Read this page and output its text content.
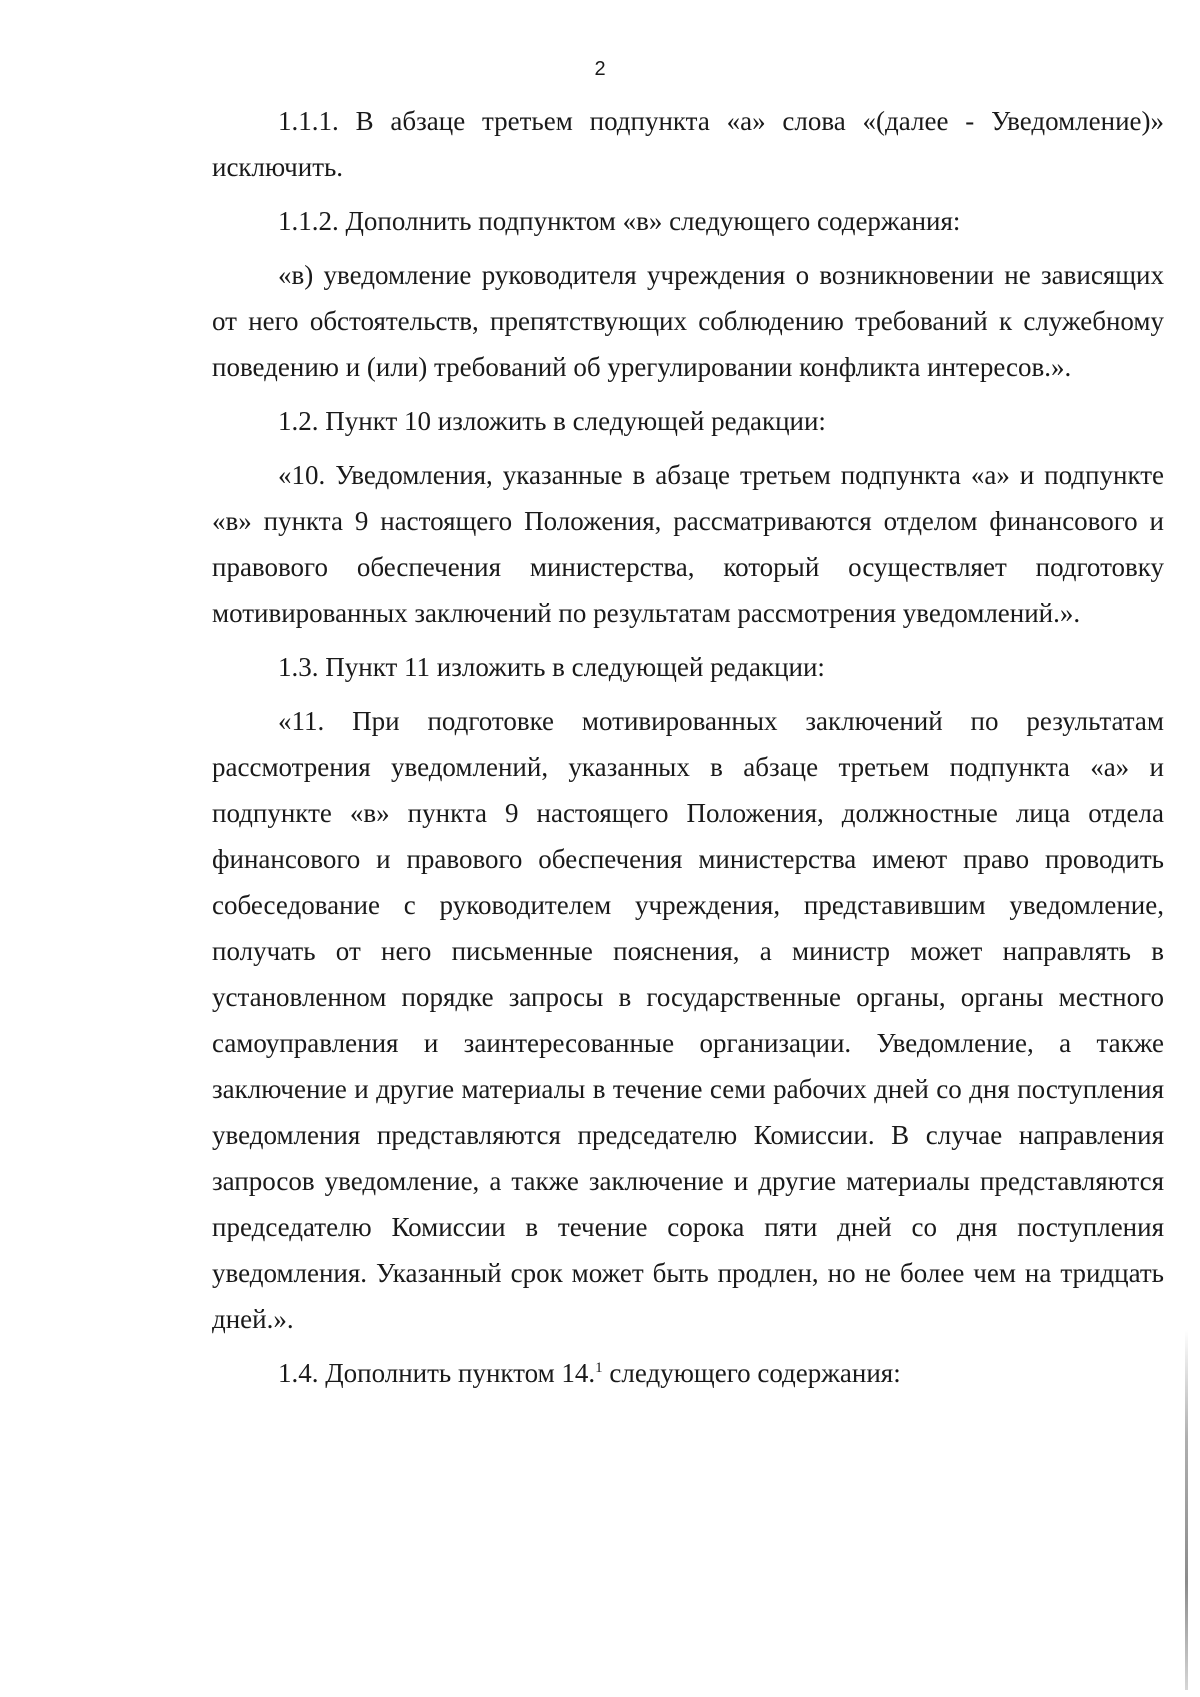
2

1.1.1. В абзаце третьем подпункта «а» слова «(далее - Уведомление)» исключить.

1.1.2. Дополнить подпунктом «в» следующего содержания:

«в) уведомление руководителя учреждения о возникновении не зависящих от него обстоятельств, препятствующих соблюдению требований к служебному поведению и (или) требований об урегулировании конфликта интересов.».

1.2. Пункт 10 изложить в следующей редакции:

«10. Уведомления, указанные в абзаце третьем подпункта «а» и подпункте «в» пункта 9 настоящего Положения, рассматриваются отделом финансового и правового обеспечения министерства, который осуществляет подготовку мотивированных заключений по результатам рассмотрения уведомлений.».

1.3. Пункт 11 изложить в следующей редакции:

«11. При подготовке мотивированных заключений по результатам рассмотрения уведомлений, указанных в абзаце третьем подпункта «а» и подпункте «в» пункта 9 настоящего Положения, должностные лица отдела финансового и правового обеспечения министерства имеют право проводить собеседование с руководителем учреждения, представившим уведомление, получать от него письменные пояснения, а министр может направлять в установленном порядке запросы в государственные органы, органы местного самоуправления и заинтересованные организации. Уведомление, а также заключение и другие материалы в течение семи рабочих дней со дня поступления уведомления представляются председателю Комиссии. В случае направления запросов уведомление, а также заключение и другие материалы представляются председателю Комиссии в течение сорока пяти дней со дня поступления уведомления. Указанный срок может быть продлен, но не более чем на тридцать дней.».

1.4. Дополнить пунктом 14.$^1$ следующего содержания:
